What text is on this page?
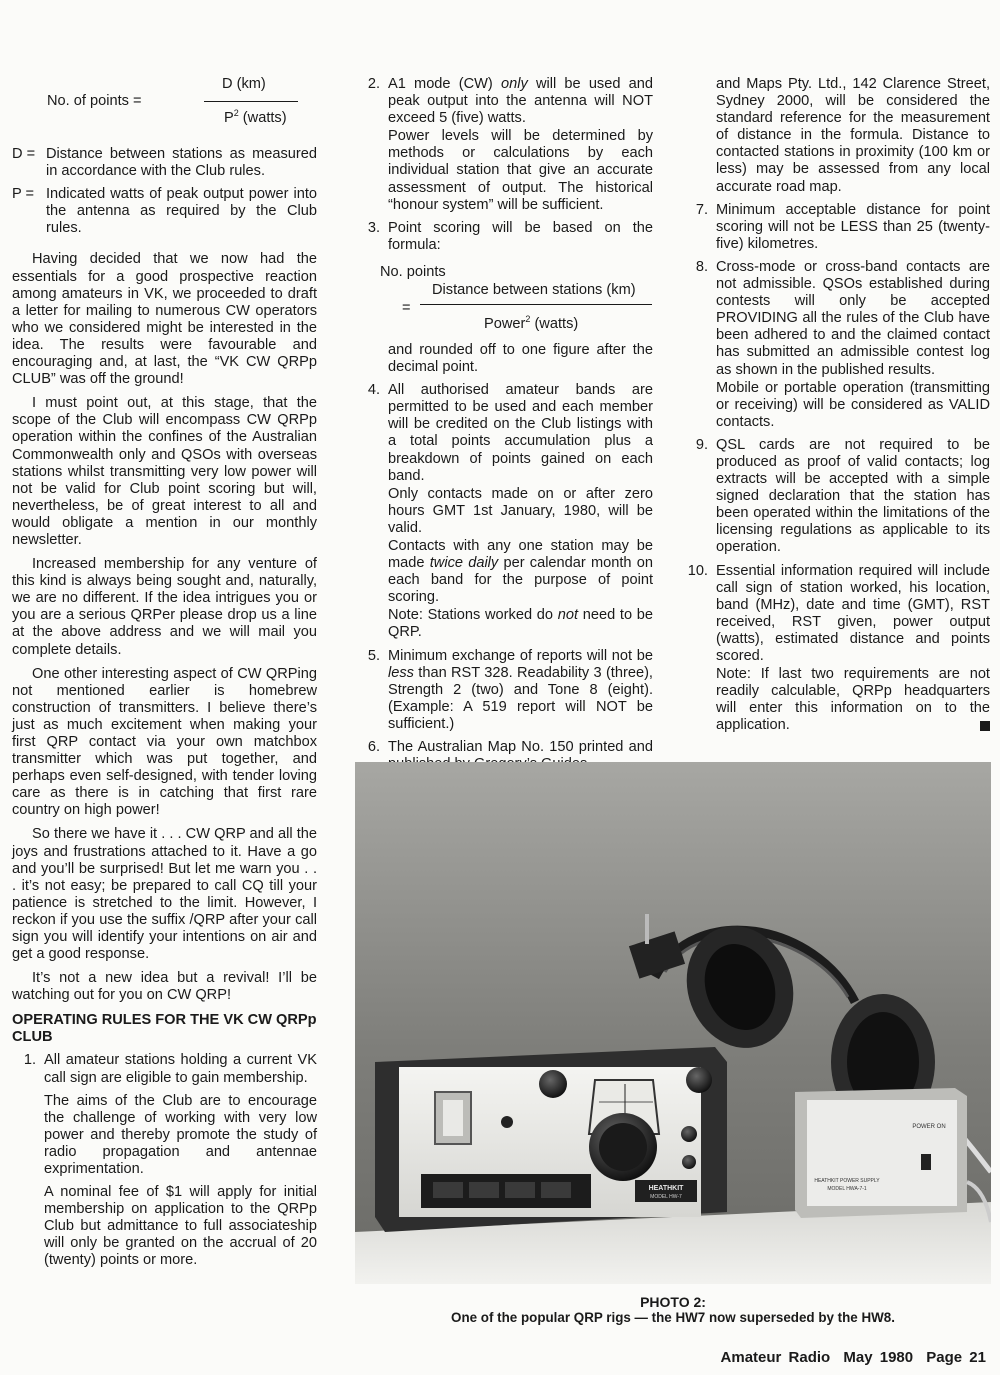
No. of points =
D (km)
$P^2$ (watts)
D = Distance between stations as measured in accordance with the Club rules.

P = Indicated watts of peak output power into the antenna as required by the Club rules.

Having decided that we now had the essentials for a good prospective reaction among amateurs in VK, we proceeded to draft a letter for mailing to numerous CW operators who we considered might be interested in the idea. The results were favourable and encouraging and, at last, the “VK CW QRPp CLUB” was off the ground!

I must point out, at this stage, that the scope of the Club will encompass CW QRPp operation within the confines of the Australian Commonwealth only and QSOs with overseas stations whilst transmitting very low power will not be valid for Club point scoring but will, nevertheless, be of great interest to all and would obligate a mention in our monthly newsletter.

Increased membership for any venture of this kind is always being sought and, naturally, we are no different. If the idea intrigues you or you are a serious QRPer please drop us a line at the above address and we will mail you complete details.

One other interesting aspect of CW QRPing not mentioned earlier is homebrew construction of transmitters. I believe there’s just as much excitement when making your first QRP contact via your own matchbox transmitter which was put together, and perhaps even self-designed, with tender loving care as there is in catching that first rare country on high power!

So there we have it . . . CW QRP and all the joys and frustrations attached to it. Have a go and you’ll be surprised! But let me warn you . . . it’s not easy; be prepared to call CQ till your patience is stretched to the limit. However, I reckon if you use the suffix /QRP after your call sign you will identify your intentions on air and get a good response.

It’s not a new idea but a revival! I’ll be watching out for you on CW QRP!

OPERATING RULES FOR THE VK CW QRPp CLUB
1. All amateur stations holding a current VK call sign are eligible to gain membership.

The aims of the Club are to encourage the challenge of working with very low power and thereby promote the study of radio propagation and antennae exprimentation.

A nominal fee of $1 will apply for initial membership on application to the QRPp Club but admittance to full associateship will only be granted on the accrual of 20 (twenty) points or more.

2. A1 mode (CW) only will be used and peak output into the antenna will NOT exceed 5 (five) watts.

Power levels will be determined by methods or calculations by each individual station that give an accurate assessment of output. The historical “honour system” will be sufficient.

3. Point scoring will be based on the formula:

No. points
=
Distance between stations (km)
Power$^2$ (watts)

and rounded off to one figure after the decimal point.

4. All authorised amateur bands are permitted to be used and each member will be credited on the Club listings with a total points accumulation plus a breakdown of points gained on each band.

Only contacts made on or after zero hours GMT 1st January, 1980, will be valid.

Contacts with any one station may be made twice daily per calendar month on each band for the purpose of point scoring.

Note: Stations worked do not need to be QRP.

5. Minimum exchange of reports will not be less than RST 328. Readability 3 (three), Strength 2 (two) and Tone 8 (eight). (Example: A 519 report will NOT be sufficient.)

6. The Australian Map No. 150 printed and

and Maps Pty. Ltd., 142 Clarence Street, Sydney 2000, will be considered the standard reference for the measurement of distance in the formula. Distance to contacted stations in proximity (100 km or less) may be assessed from any local accurate road map.

7. Minimum acceptable distance for point scoring will not be LESS than 25 (twenty-five) kilometres.

8. Cross-mode or cross-band contacts are not admissible. QSOs established during contests will only be accepted PROVIDING all the rules of the Club have been adhered to and the claimed contact has submitted an admissible contest log as shown in the published results.

Mobile or portable operation (transmitting or receiving) will be considered as VALID contacts.

9. QSL cards are not required to be produced as proof of valid contacts; log extracts will be accepted with a simple signed declaration that the station has been operated within the limitations of the licensing regulations as applicable to its operation.

10. Essential information required will include call sign of station worked, his location, band (MHz), date and time (GMT), RST received, RST given, power output (watts), estimated distance and points scored.

Note: If last two requirements are not readily calculable, QRPp headquarters will enter this information on to the application.

HEATHKIT
MODEL HW-7
POWER ON
HEATHKIT POWER SUPPLY
MODEL HWA-7-1
PHOTO 2:
One of the popular QRP rigs — the HW7 now superseded by the HW8.
Amateur Radio May 1980 Page 21
